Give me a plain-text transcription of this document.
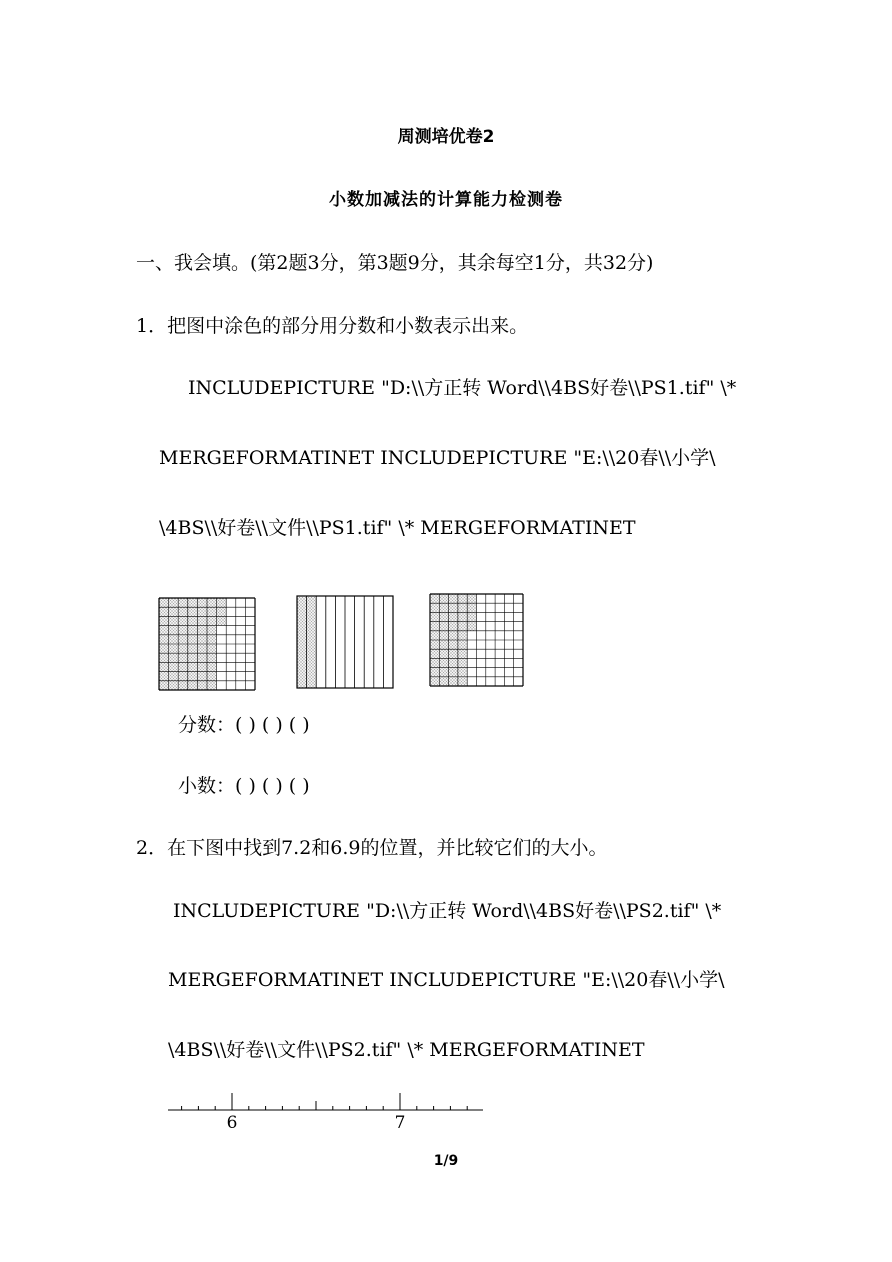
周测培优卷2
小数加减法的计算能力检测卷
一、我会填。(第2题3分，第3题9分，其余每空1分，共32分)
1．把图中涂色的部分用分数和小数表示出来。
INCLUDEPICTURE "D:\\方正转 Word\\4BS好卷\\PS1.tif" \*
MERGEFORMATINET INCLUDEPICTURE "E:\\20春\\小学\
\4BS\\好卷\\文件\\PS1.tif" \* MERGEFORMATINET
分数：( ) ( ) ( )
小数：( ) ( ) ( )
2．在下图中找到7.2和6.9的位置，并比较它们的大小。
INCLUDEPICTURE "D:\\方正转 Word\\4BS好卷\\PS2.tif" \*
MERGEFORMATINET INCLUDEPICTURE "E:\\20春\\小学\
\4BS\\好卷\\文件\\PS2.tif" \* MERGEFORMATINET
6	7
1/9
